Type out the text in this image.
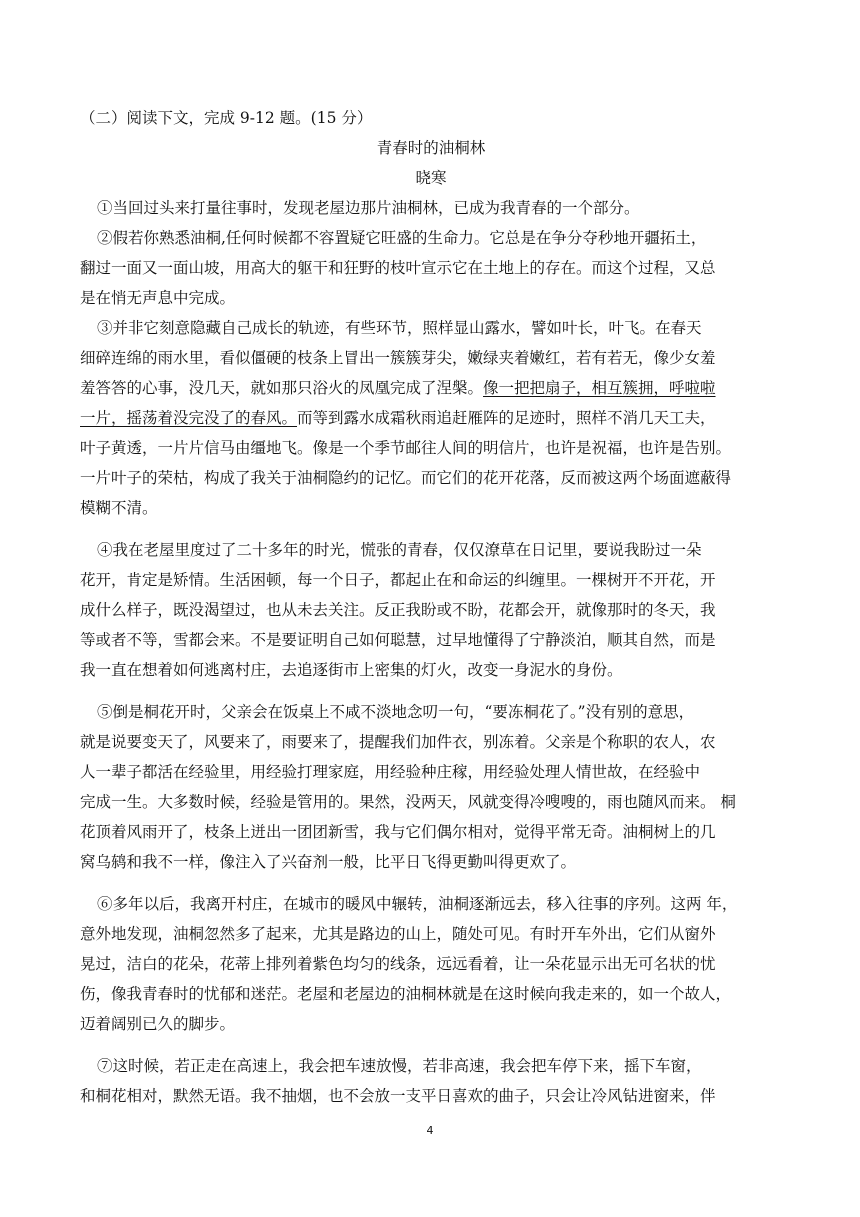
（二）阅读下文，完成 9-12 题。(15 分）
青春时的油桐林
晓寒
①当回过头来打量往事时，发现老屋边那片油桐林，已成为我青春的一个部分。
②假若你熟悉油桐,任何时候都不容置疑它旺盛的生命力。它总是在争分夺秒地开疆拓土，
翻过一面又一面山坡，用高大的躯干和狂野的枝叶宣示它在土地上的存在。而这个过程，又总
是在悄无声息中完成。
③并非它刻意隐藏自己成长的轨迹，有些环节，照样显山露水，譬如叶长，叶飞。在春天
细碎连绵的雨水里，看似僵硬的枝条上冒出一簇簇芽尖，嫩绿夹着嫩红，若有若无，像少女羞
羞答答的心事，没几天，就如那只浴火的凤凰完成了涅槃。像一把把扇子，相互簇拥，呼啦啦
一片，摇荡着没完没了的春风。而等到露水成霜秋雨追赶雁阵的足迹时，照样不消几天工夫，
叶子黄透，一片片信马由缰地飞。像是一个季节邮往人间的明信片，也许是祝福，也许是告别。
一片叶子的荣枯，构成了我关于油桐隐约的记忆。而它们的花开花落，反而被这两个场面遮蔽得
模糊不清。
④我在老屋里度过了二十多年的时光，慌张的青春，仅仅潦草在日记里，要说我盼过一朵
花开，肯定是矫情。生活困顿，每一个日子，都起止在和命运的纠缠里。一棵树开不开花，开
成什么样子，既没渴望过，也从未去关注。反正我盼或不盼，花都会开，就像那时的冬天，我
等或者不等，雪都会来。不是要证明自己如何聪慧，过早地懂得了宁静淡泊，顺其自然，而是
我一直在想着如何逃离村庄，去追逐街市上密集的灯火，改变一身泥水的身份。
⑤倒是桐花开时，父亲会在饭桌上不咸不淡地念叨一句，“要冻桐花了。”没有别的意思，
就是说要变天了，风要来了，雨要来了，提醒我们加件衣，别冻着。父亲是个称职的农人，农
人一辈子都活在经验里，用经验打理家庭，用经验种庄稼，用经验处理人情世故，在经验中
完成一生。大多数时候，经验是管用的。果然，没两天，风就变得冷嗖嗖的，雨也随风而来。 桐
花顶着风雨开了，枝条上迸出一团团新雪，我与它们偶尔相对，觉得平常无奇。油桐树上的几
窝乌鸫和我不一样，像注入了兴奋剂一般，比平日飞得更勤叫得更欢了。
⑥多年以后，我离开村庄，在城市的暖风中辗转，油桐逐渐远去，移入往事的序列。这两 年，
意外地发现，油桐忽然多了起来，尤其是路边的山上，随处可见。有时开车外出，它们从窗外
晃过，洁白的花朵，花蒂上排列着紫色均匀的线条，远远看着，让一朵花显示出无可名状的忧
伤，像我青春时的忧郁和迷茫。老屋和老屋边的油桐林就是在这时候向我走来的，如一个故人，
迈着阔别已久的脚步。
⑦这时候，若正走在高速上，我会把车速放慢，若非高速，我会把车停下来，摇下车窗，
和桐花相对，默然无语。我不抽烟，也不会放一支平日喜欢的曲子，只会让冷风钻进窗来，伴
4
